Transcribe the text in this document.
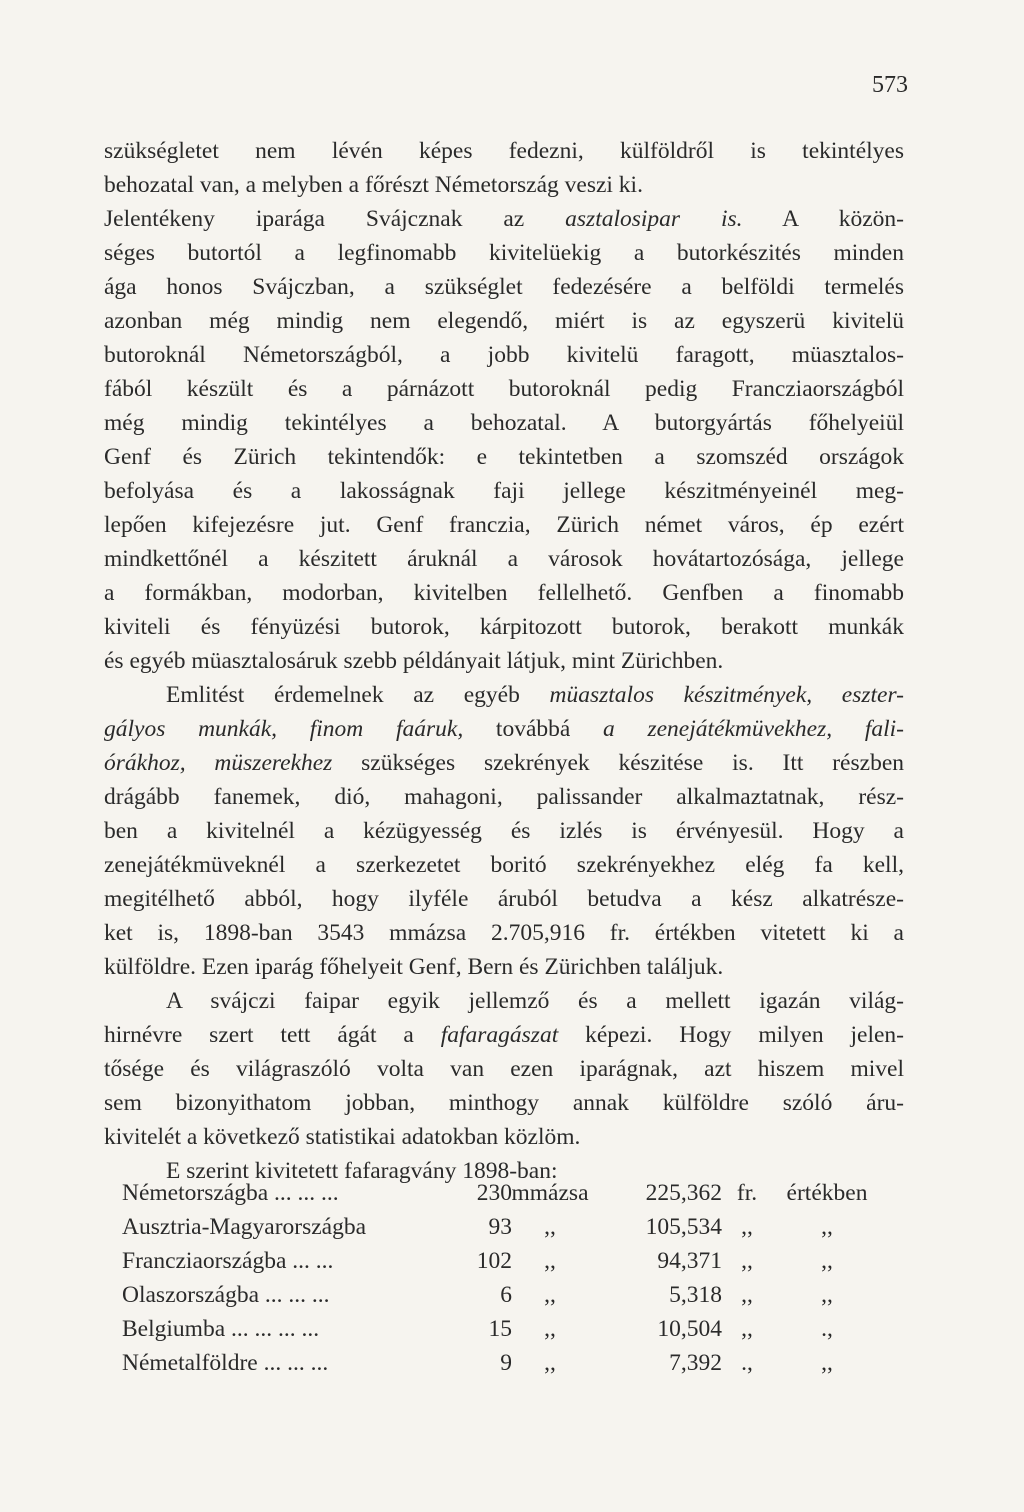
573
szükségletet nem lévén képes fedezni, külföldről is tekintélyes
behozatal van, a melyben a főrészt Németország veszi ki.
Jelentékeny iparága Svájcznak az asztalosipar is. A közön-
séges butortól a legfinomabb kivitelüekig a butorkészités minden
ága honos Svájczban, a szükséglet fedezésére a belföldi termelés
azonban még mindig nem elegendő, miért is az egyszerü kivitelü
butoroknál Németországból, a jobb kivitelü faragott, müasztalos-
fából készült és a párnázott butoroknál pedig Francziaországból
még mindig tekintélyes a behozatal. A butorgyártás főhelyeiül
Genf és Zürich tekintendők: e tekintetben a szomszéd országok
befolyása és a lakosságnak faji jellege készitményeinél meg-
lepően kifejezésre jut. Genf franczia, Zürich német város, ép ezért
mindkettőnél a készitett áruknál a városok hovátartozósága, jellege
a formákban, modorban, kivitelben fellelhető. Genfben a finomabb
kiviteli és fényüzési butorok, kárpitozott butorok, berakott munkák
és egyéb müasztalosáruk szebb példányait látjuk, mint Zürichben.
Emlitést érdemelnek az egyéb müasztalos készitmények, eszter-
gályos munkák, finom faáruk, továbbá a zenejátékmüvekhez, fali-
órákhoz, müszerekhez szükséges szekrények készitése is. Itt részben
drágább fanemek, dió, mahagoni, palissander alkalmaztatnak, rész-
ben a kivitelnél a kézügyesség és izlés is érvényesül. Hogy a
zenejátékmüveknél a szerkezetet boritó szekrényekhez elég fa kell,
megitélhető abból, hogy ilyféle áruból betudva a kész alkatrésze-
ket is, 1898-ban 3543 mmázsa 2.705,916 fr. értékben vitetett ki a
külföldre. Ezen iparág főhelyeit Genf, Bern és Zürichben találjuk.
A svájczi faipar egyik jellemző és a mellett igazán világ-
hirnévre szert tett ágát a fafaragászat képezi. Hogy milyen jelen-
tősége és világraszóló volta van ezen iparágnak, azt hiszem mivel
sem bizonyithatom jobban, minthogy annak külföldre szóló áru-
kivitelét a következő statistikai adatokban közlöm.
E szerint kivitetett fafaragvány 1898-ban:
Németországba ... ... ...	230 mmázsa	225,362 fr.	értékben
Ausztria-Magyarországba	93	,,	105,534 ,,	,,
Francziaországba ... ...	102	,,	94,371 ,,	,,
Olaszországba ... ... ...	6	,,	5,318 ,,	,,
Belgiumba ... ... ... ...	15	,,	10,504 ,,	.,
Németalföldre ... ... ...	9	,,	7,392 .,	,,
